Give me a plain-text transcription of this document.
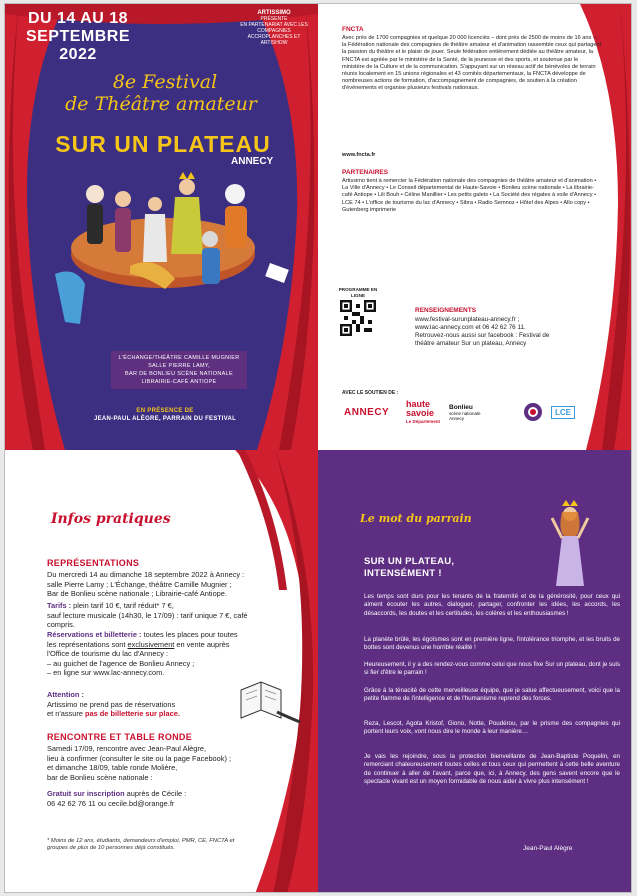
DU 14 AU 18 SEPTEMBRE 2022
ARTISSIMO
PRÉSENTE
EN PARTENARIAT AVEC LES COMPAGNIES ACCROPLANCHES ET ARTISHOW
8e Festival
de Théâtre amateur
SUR UN PLATEAU
ANNECY
L'ÉCHANGE/THÉÂTRE CAMILLE MUGNIER
SALLE PIERRE LAMY,
BAR DE BONLIEU SCÈNE NATIONALE
LIBRAIRIE-CAFÉ ANTIOPE
EN PRÉSENCE DE

JEAN-PAUL ALÈGRE, PARRAIN DU FESTIVAL
FNCTA
Avec près de 1700 compagnies et quelque 20 000 licenciés – dont près de 2500 de moins de 16 ans –, la Fédération nationale des compagnies de théâtre amateur et d'animation rassemble ceux qui partagent la passion du théâtre et le plaisir de jouer. Seule fédération entièrement dédiée au théâtre amateur, la FNCTA est agréée par le ministère de la Santé, de la jeunesse et des sports, et soutenue par le ministère de la Culture et de la communication. S'appuyant sur un réseau actif de bénévoles de terrain réunis localement en 15 unions régionales et 43 comités départementaux, la FNCTA développe de nombreuses actions de formation, d'accompagnement de compagnies, de soutien à la création d'événements et organise plusieurs festivals nationaux.
www.fncta.fr
PARTENAIRES
Artissimo tient à remercier la Fédération nationale des compagnies de théâtre amateur et d'animation • La Ville d'Annecy • Le Conseil départemental de Haute-Savoie • Bonlieu scène nationale • La librairie-café Antiope • Lili Bouh • Céline Manillier • Les petits galets • La Société des régates à voile d'Annecy • LCE 74 • L'office de tourisme du lac d'Annecy • Sibra • Radio Semnoz • Hôtel des Alpes • Allo copy • Gutenberg imprimerie
PROGRAMME EN LIGNE
RENSEIGNEMENTS
www.festival-surunplateau-annecy.fr ;
www.lac-annecy.com et 06 42 62 76 11.
Retrouvez-nous aussi sur facebook : Festival de
théâtre amateur Sur un plateau, Annecy
AVEC LE SOUTIEN DE :
ANNECY
haute savoie
Le Département
Bonlieu
scène nationale
Annecy
LCE
Infos pratiques
REPRÉSENTATIONS
Du mercredi 14 au dimanche 18 septembre 2022 à Annecy :
salle Pierre Lamy ; L'Échange, théâtre Camille Mugnier ;
Bar de Bonlieu scène nationale ; Librairie-café Antiope.
Tarifs : plein tarif 10 €, tarif réduit* 7 €,
sauf lecture musicale (14h30, le 17/09) : tarif unique 7 €, café compris.
Réservations et billetterie : toutes les places pour toutes
les représentations sont exclusivement en vente auprès
l'Office de tourisme du lac d'Annecy :
– au guichet de l'agence de Bonlieu Annecy ;
– en ligne sur www.lac-annecy.com.
Attention :
Artissimo ne prend pas de réservations
et n'assure pas de billetterie sur place.
RENCONTRE ET TABLE RONDE
Samedi 17/09, rencontre avec Jean-Paul Alègre,
lieu à confirmer (consulter le site ou la page Facebook) ;
et dimanche 18/09, table ronde Molière,
bar de Bonlieu scène nationale :
Gratuit sur inscription auprès de Cécile :
06 42 62 76 11 ou cecile.bd@orange.fr
* Moins de 12 ans, étudiants, demandeurs d'emploi, PMR, CE, FNCTA et groupes de plus de 10 personnes déjà constitués.
Le mot du parrain
SUR UN PLATEAU,
INTENSÉMENT !
Les temps sont durs pour les tenants de la fraternité et de la générosité, pour ceux qui aiment écouter les autres, dialoguer, partager, confronter les idées, les accords, les désaccords, les doutes et les certitudes, les colères et les enthousiasmes !
La planète brûle, les égoïsmes sont en première ligne, l'intolérance triomphe, et les bruits de bottes sont devenus une horrible réalité !
Heureusement, il y a des rendez-vous comme celui que nous fixe Sur un plateau, dont je suis si fier d'être le parrain !
Grâce à la ténacité de cette merveilleuse équipe, que je salue affectueusement, voici que la petite flamme de l'intelligence et de l'humanisme reprend des forces.
Reza, Lescot, Agota Kristof, Giono, Notte, Poudérou, par le prisme des compagnies qui portent leurs voix, vont nous dire le monde à leur manière…
Je vais les rejoindre, sous la protection bienveillante de Jean-Baptiste Poquelin, en remerciant chaleureusement toutes celles et tous ceux qui permettent à cette belle aventure de continuer à aller de l'avant, parce que, ici, à Annecy, des gens savent encore que le spectacle vivant est un moyen formidable de nous aider à vivre plus intensément !
Jean-Paul Alègre
